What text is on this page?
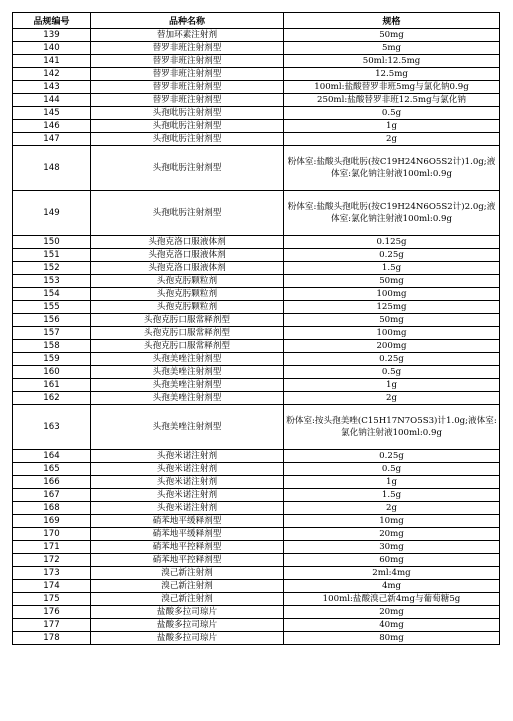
品规编号	品种名称	规格
139	替加环素注射剂	50mg
140	替罗非班注射剂型	5mg
141	替罗非班注射剂型	50ml:12.5mg
142	替罗非班注射剂型	12.5mg
143	替罗非班注射剂型	100ml:盐酸替罗非班5mg与氯化钠0.9g
144	替罗非班注射剂型	250ml:盐酸替罗非班12.5mg与氯化钠
145	头孢吡肟注射剂型	0.5g
146	头孢吡肟注射剂型	1g
147	头孢吡肟注射剂型	2g
148	头孢吡肟注射剂型	粉体室:盐酸头孢吡肟(按C19H24N6O5S2计)1.0g;液体室:氯化钠注射液100ml:0.9g
149	头孢吡肟注射剂型	粉体室:盐酸头孢吡肟(按C19H24N6O5S2计)2.0g;液体室:氯化钠注射液100ml:0.9g
150	头孢克洛口服液体剂	0.125g
151	头孢克洛口服液体剂	0.25g
152	头孢克洛口服液体剂	1.5g
153	头孢克肟颗粒剂	50mg
154	头孢克肟颗粒剂	100mg
155	头孢克肟颗粒剂	125mg
156	头孢克肟口服常释剂型	50mg
157	头孢克肟口服常释剂型	100mg
158	头孢克肟口服常释剂型	200mg
159	头孢美唑注射剂型	0.25g
160	头孢美唑注射剂型	0.5g
161	头孢美唑注射剂型	1g
162	头孢美唑注射剂型	2g
163	头孢美唑注射剂型	粉体室:按头孢美唑(C15H17N7O5S3)计1.0g;液体室:氯化钠注射液100ml:0.9g
164	头孢米诺注射剂	0.25g
165	头孢米诺注射剂	0.5g
166	头孢米诺注射剂	1g
167	头孢米诺注射剂	1.5g
168	头孢米诺注射剂	2g
169	硝苯地平缓释剂型	10mg
170	硝苯地平缓释剂型	20mg
171	硝苯地平控释剂型	30mg
172	硝苯地平控释剂型	60mg
173	溴己新注射剂	2ml:4mg
174	溴己新注射剂	4mg
175	溴己新注射剂	100ml:盐酸溴己新4mg与葡萄糖5g
176	盐酸多拉司琼片	20mg
177	盐酸多拉司琼片	40mg
178	盐酸多拉司琼片	80mg
